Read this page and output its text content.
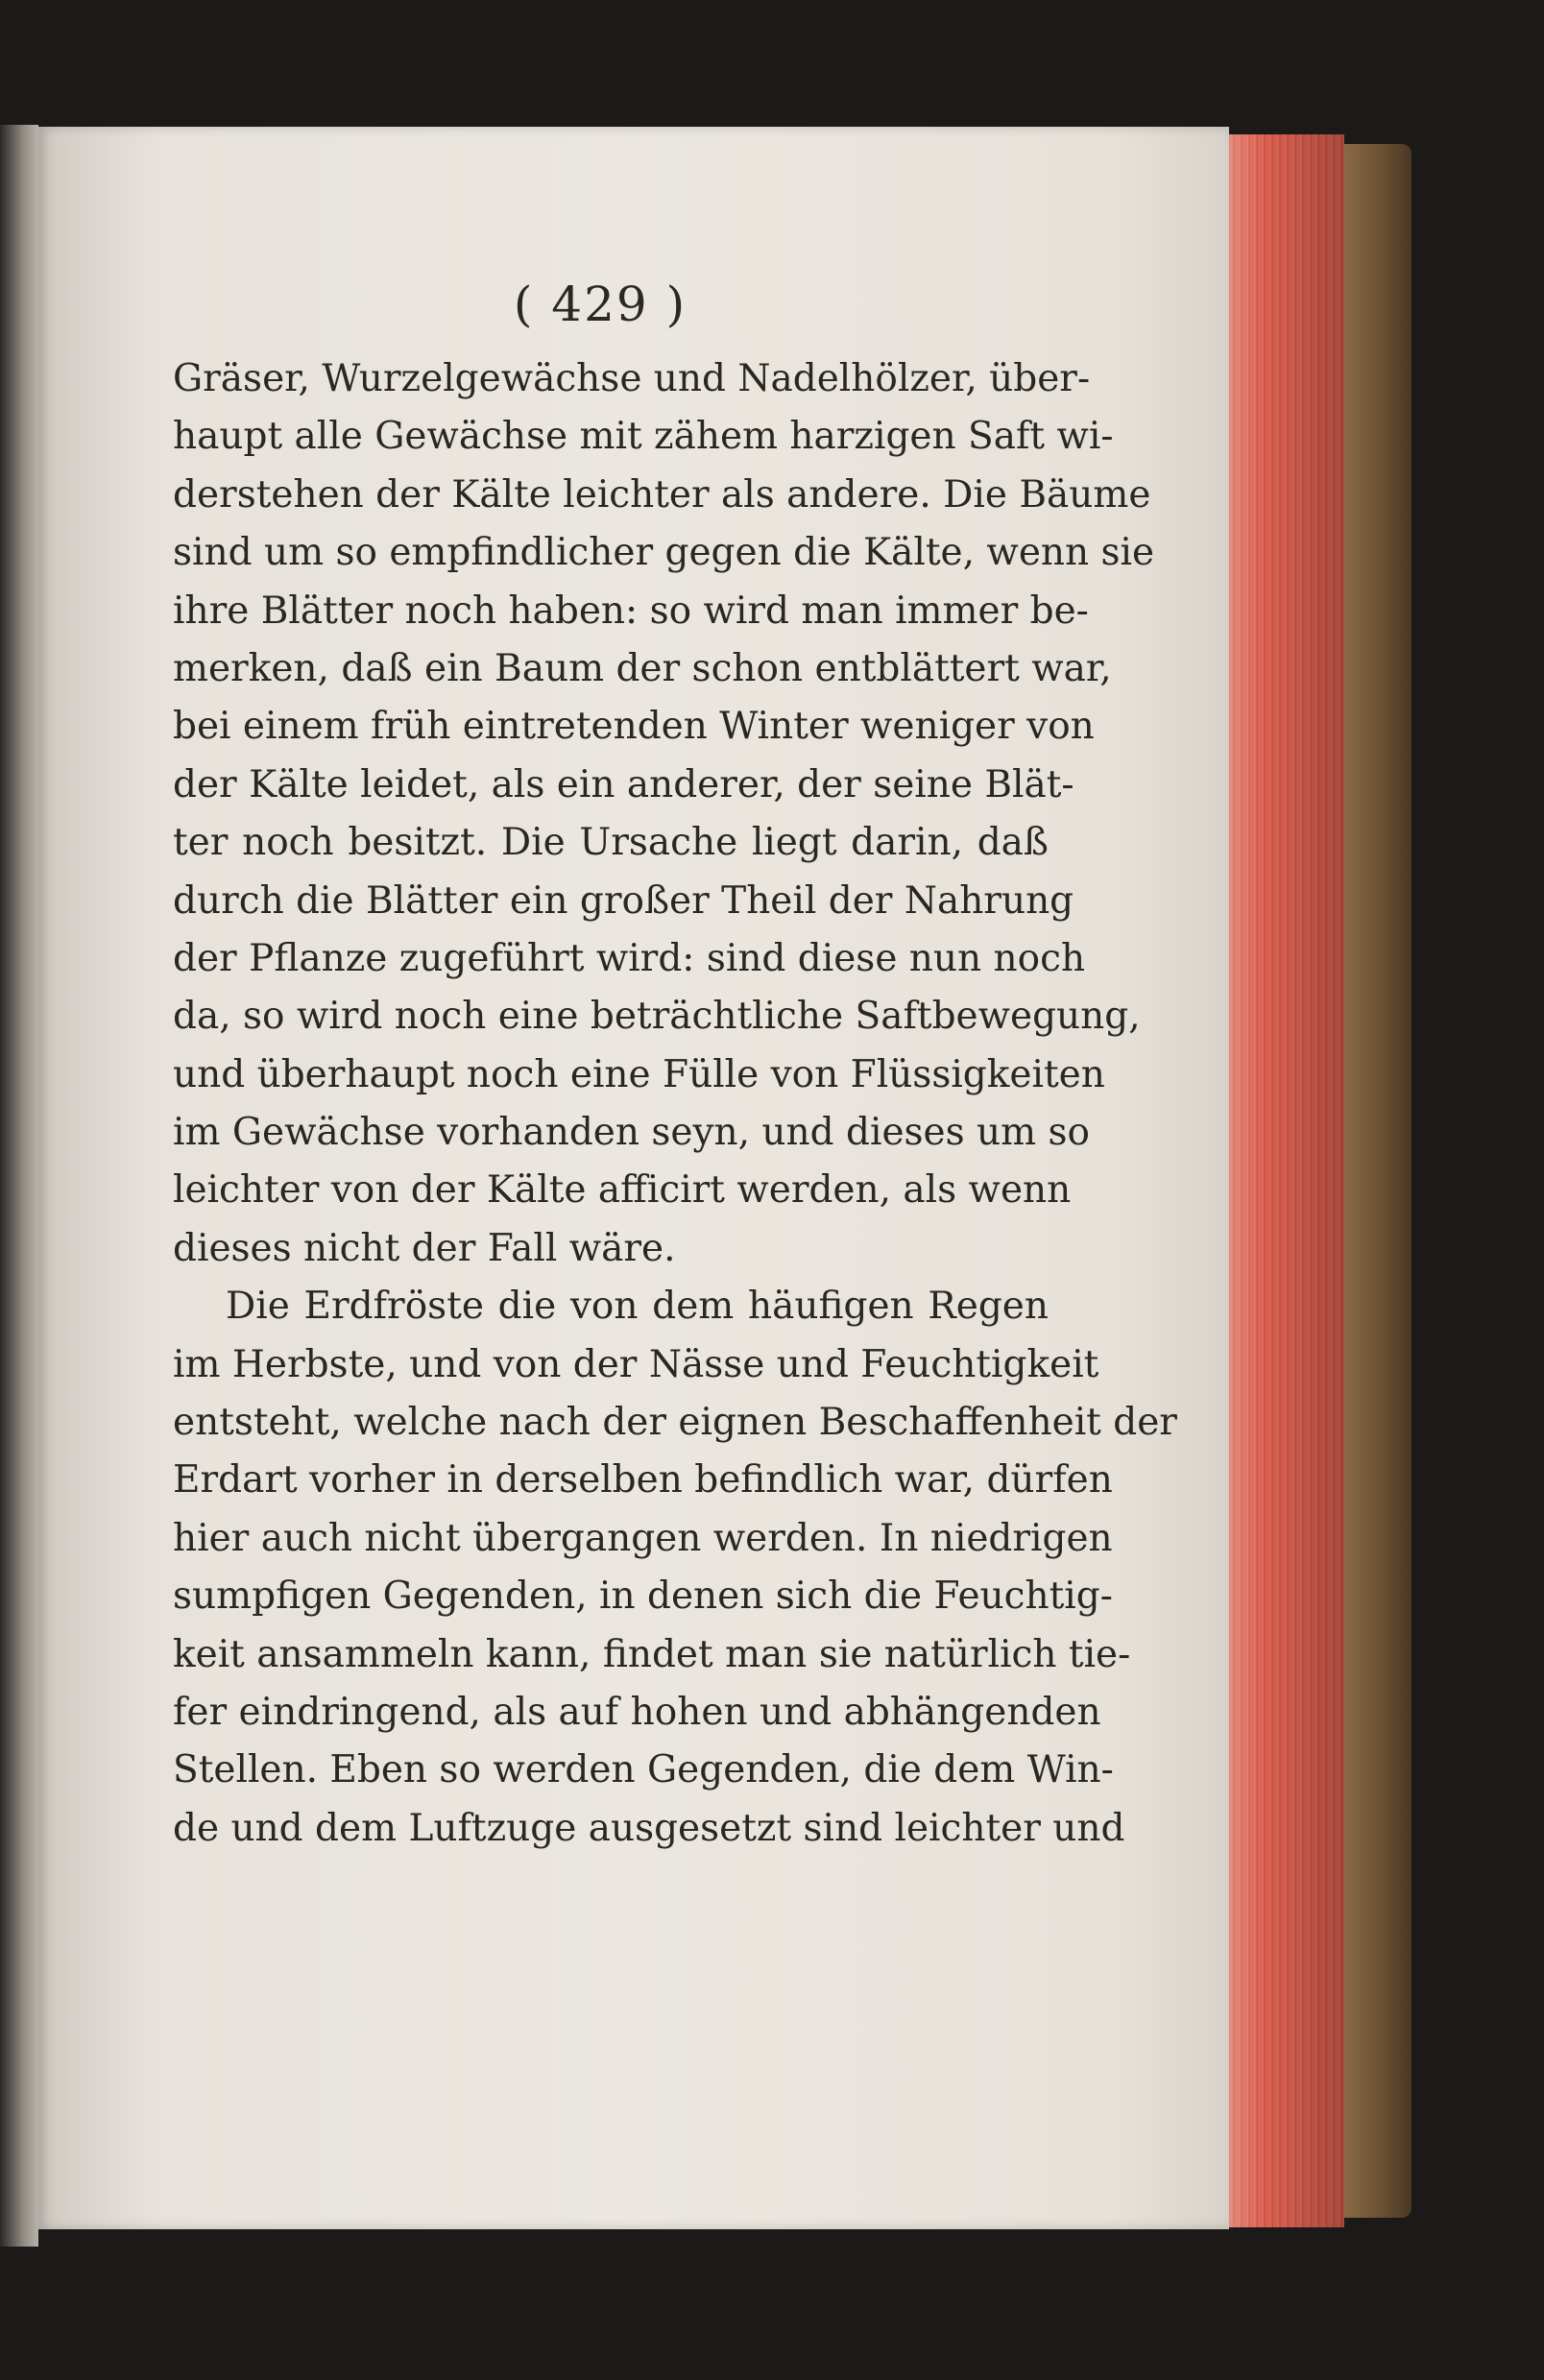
( 429 )
Gräser, Wurzelgewächse und Nadelhölzer, über-
haupt alle Gewächse mit zähem harzigen Saft wi-
derstehen der Kälte leichter als andere. Die Bäume
sind um so empfindlicher gegen die Kälte, wenn sie
ihre Blätter noch haben: so wird man immer be-
merken, daß ein Baum der schon entblättert war,
bei einem früh eintretenden Winter weniger von
der Kälte leidet, als ein anderer, der seine Blät-
ter noch besitzt. Die Ursache liegt darin, daß
durch die Blätter ein großer Theil der Nahrung
der Pflanze zugeführt wird: sind diese nun noch
da, so wird noch eine beträchtliche Saftbewegung,
und überhaupt noch eine Fülle von Flüssigkeiten
im Gewächse vorhanden seyn, und dieses um so
leichter von der Kälte afficirt werden, als wenn
dieses nicht der Fall wäre.
Die Erdfröste die von dem häufigen Regen
im Herbste, und von der Nässe und Feuchtigkeit
entsteht, welche nach der eignen Beschaffenheit der
Erdart vorher in derselben befindlich war, dürfen
hier auch nicht übergangen werden. In niedrigen
sumpfigen Gegenden, in denen sich die Feuchtig-
keit ansammeln kann, findet man sie natürlich tie-
fer eindringend, als auf hohen und abhängenden
Stellen. Eben so werden Gegenden, die dem Win-
de und dem Luftzuge ausgesetzt sind leichter und
